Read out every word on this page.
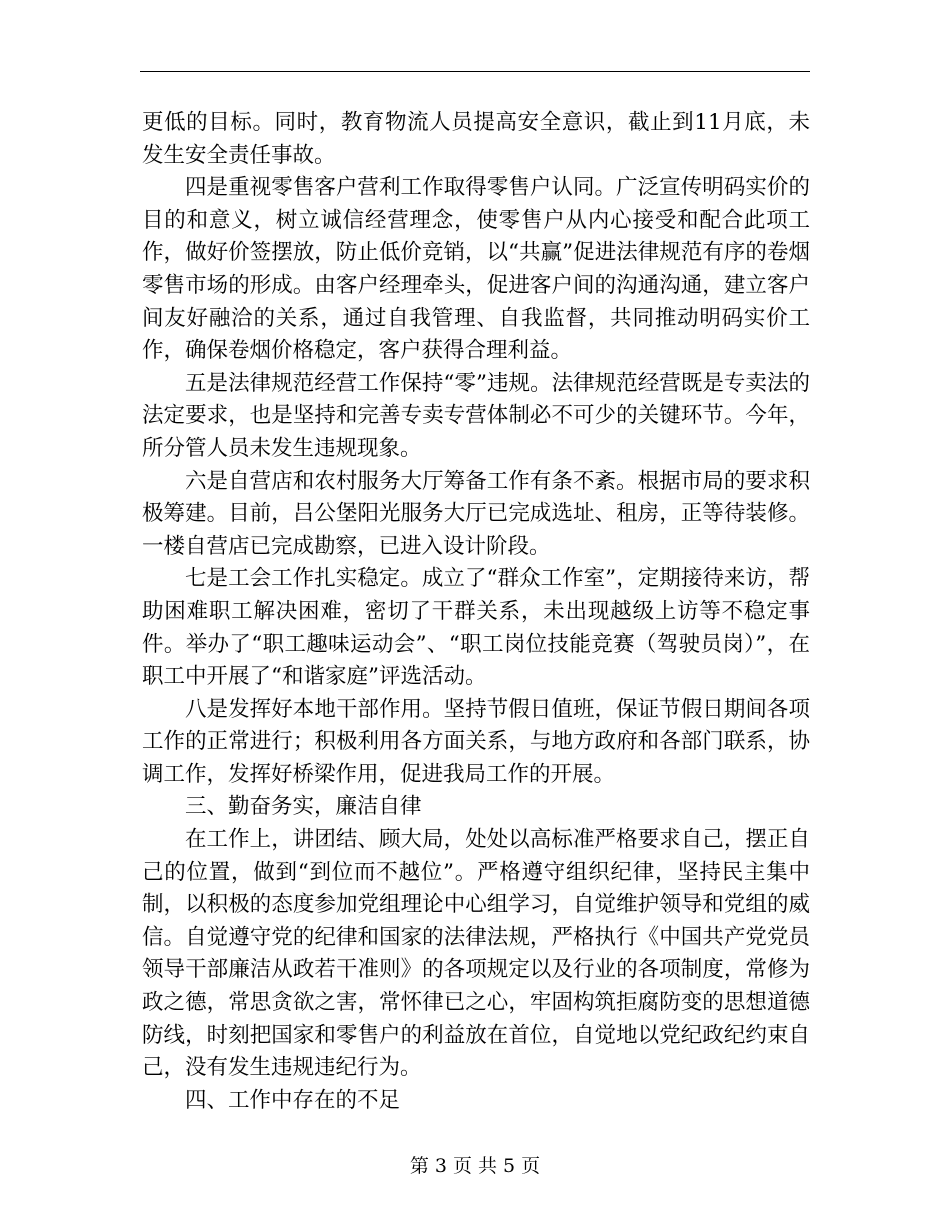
更低的目标。同时，教育物流人员提高安全意识，截止到11月底，未发生安全责任事故。

四是重视零售客户营利工作取得零售户认同。广泛宣传明码实价的目的和意义，树立诚信经营理念，使零售户从内心接受和配合此项工作，做好价签摆放，防止低价竞销，以“共赢”促进法律规范有序的卷烟零售市场的形成。由客户经理牵头，促进客户间的沟通沟通，建立客户间友好融洽的关系，通过自我管理、自我监督，共同推动明码实价工作，确保卷烟价格稳定，客户获得合理利益。

五是法律规范经营工作保持“零”违规。法律规范经营既是专卖法的法定要求，也是坚持和完善专卖专营体制必不可少的关键环节。今年，所分管人员未发生违规现象。

六是自营店和农村服务大厅筹备工作有条不紊。根据市局的要求积极筹建。目前，吕公堡阳光服务大厅已完成选址、租房，正等待装修。一楼自营店已完成勘察，已进入设计阶段。

七是工会工作扎实稳定。成立了“群众工作室”，定期接待来访，帮助困难职工解决困难，密切了干群关系，未出现越级上访等不稳定事件。举办了“职工趣味运动会”、“职工岗位技能竞赛（驾驶员岗）”，在职工中开展了“和谐家庭”评选活动。

八是发挥好本地干部作用。坚持节假日值班，保证节假日期间各项工作的正常进行；积极利用各方面关系，与地方政府和各部门联系，协调工作，发挥好桥梁作用，促进我局工作的开展。

三、勤奋务实，廉洁自律

在工作上，讲团结、顾大局，处处以高标准严格要求自己，摆正自己的位置，做到“到位而不越位”。严格遵守组织纪律，坚持民主集中制，以积极的态度参加党组理论中心组学习，自觉维护领导和党组的威信。自觉遵守党的纪律和国家的法律法规，严格执行《中国共产党党员领导干部廉洁从政若干准则》的各项规定以及行业的各项制度，常修为政之德，常思贪欲之害，常怀律已之心，牢固构筑拒腐防变的思想道德防线，时刻把国家和零售户的利益放在首位，自觉地以党纪政纪约束自己，没有发生违规违纪行为。

四、工作中存在的不足

第 3 页 共 5 页
